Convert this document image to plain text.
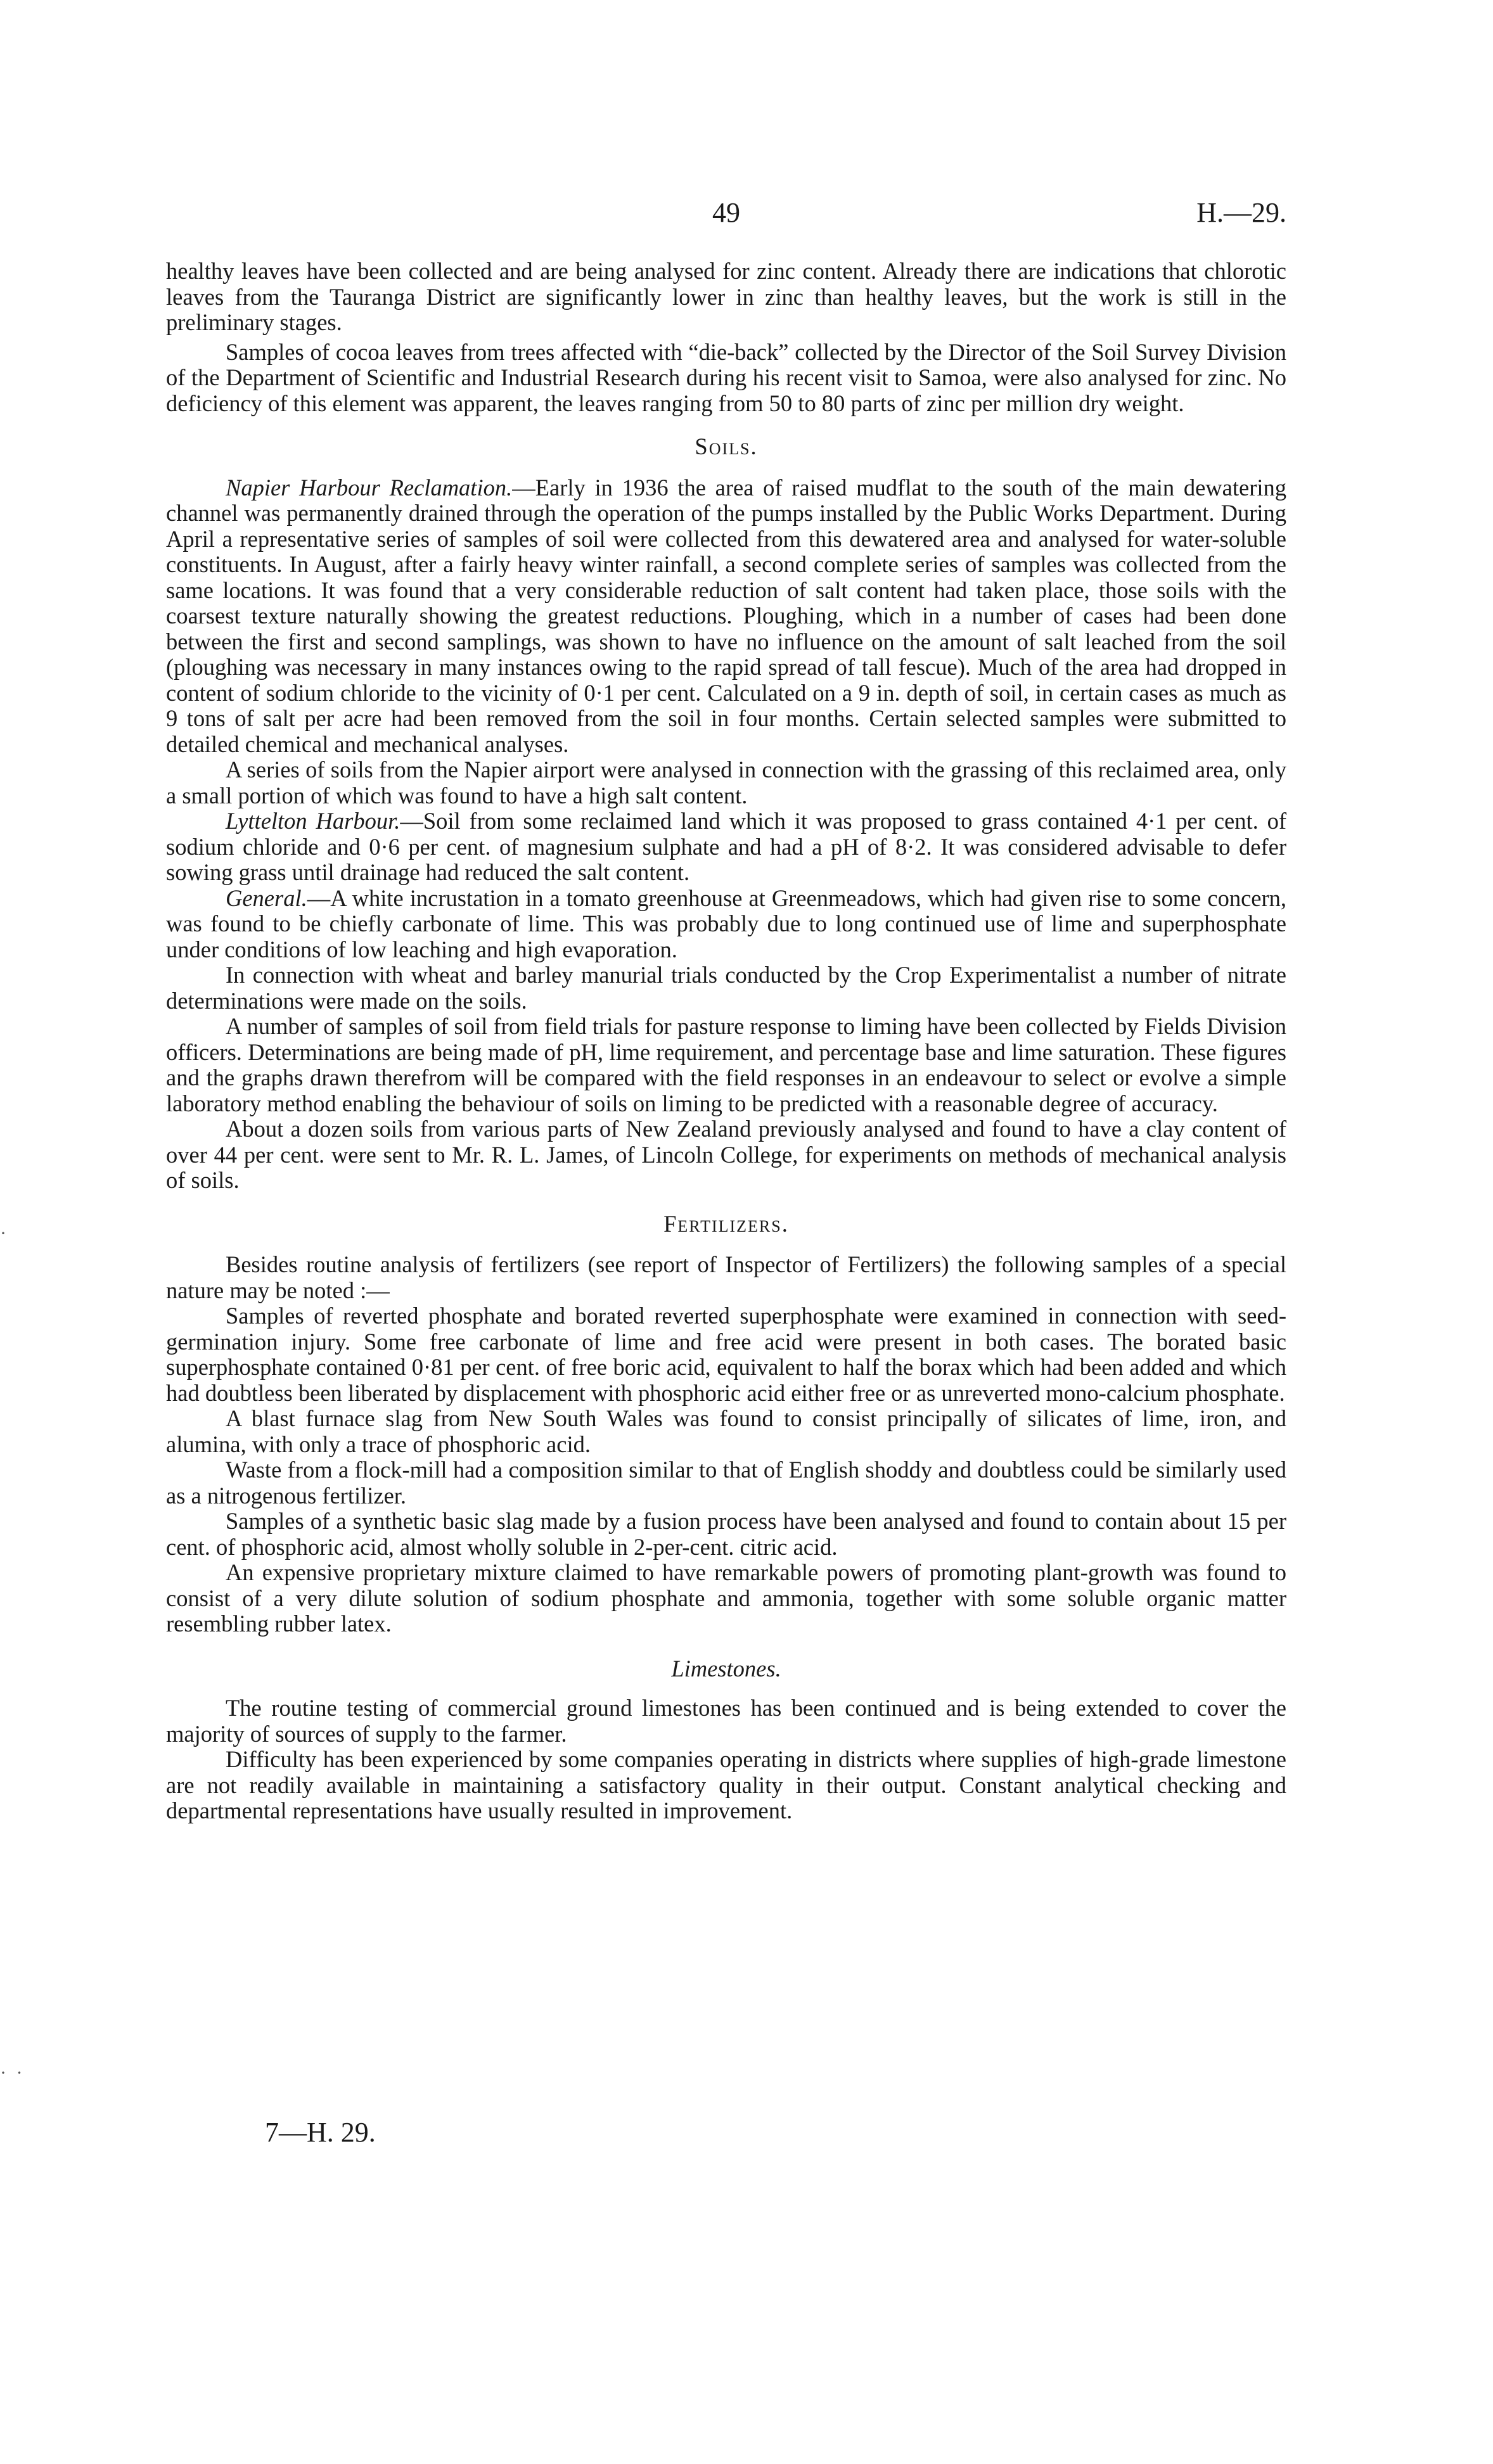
49	H.—29.
·
· ·

healthy leaves have been collected and are being analysed for zinc content. Already there are indications that chlorotic leaves from the Tauranga District are significantly lower in zinc than healthy leaves, but the work is still in the preliminary stages.

Samples of cocoa leaves from trees affected with “die-back” collected by the Director of the Soil Survey Division of the Department of Scientific and Industrial Research during his recent visit to Samoa, were also analysed for zinc. No deficiency of this element was apparent, the leaves ranging from 50 to 80 parts of zinc per million dry weight.

Soils.

Napier Harbour Reclamation.—Early in 1936 the area of raised mudflat to the south of the main dewatering channel was permanently drained through the operation of the pumps installed by the Public Works Department. During April a representative series of samples of soil were collected from this dewatered area and analysed for water-soluble constituents. In August, after a fairly heavy winter rainfall, a second complete series of samples was collected from the same locations. It was found that a very considerable reduction of salt content had taken place, those soils with the coarsest texture naturally showing the greatest reductions. Ploughing, which in a number of cases had been done between the first and second samplings, was shown to have no influence on the amount of salt leached from the soil (ploughing was necessary in many instances owing to the rapid spread of tall fescue). Much of the area had dropped in content of sodium chloride to the vicinity of 0·1 per cent. Calculated on a 9 in. depth of soil, in certain cases as much as 9 tons of salt per acre had been removed from the soil in four months. Certain selected samples were submitted to detailed chemical and mechanical analyses.

A series of soils from the Napier airport were analysed in connection with the grassing of this reclaimed area, only a small portion of which was found to have a high salt content.

Lyttelton Harbour.—Soil from some reclaimed land which it was proposed to grass contained 4·1 per cent. of sodium chloride and 0·6 per cent. of magnesium sulphate and had a pH of 8·2. It was considered advisable to defer sowing grass until drainage had reduced the salt content.

General.—A white incrustation in a tomato greenhouse at Greenmeadows, which had given rise to some concern, was found to be chiefly carbonate of lime. This was probably due to long continued use of lime and superphosphate under conditions of low leaching and high evaporation.

In connection with wheat and barley manurial trials conducted by the Crop Experimentalist a number of nitrate determinations were made on the soils.

A number of samples of soil from field trials for pasture response to liming have been collected by Fields Division officers. Determinations are being made of pH, lime requirement, and percentage base and lime saturation. These figures and the graphs drawn therefrom will be compared with the field responses in an endeavour to select or evolve a simple laboratory method enabling the behaviour of soils on liming to be predicted with a reasonable degree of accuracy.

About a dozen soils from various parts of New Zealand previously analysed and found to have a clay content of over 44 per cent. were sent to Mr. R. L. James, of Lincoln College, for experiments on methods of mechanical analysis of soils.

Fertilizers.

Besides routine analysis of fertilizers (see report of Inspector of Fertilizers) the following samples of a special nature may be noted :—

Samples of reverted phosphate and borated reverted superphosphate were examined in connection with seed-germination injury. Some free carbonate of lime and free acid were present in both cases. The borated basic superphosphate contained 0·81 per cent. of free boric acid, equivalent to half the borax which had been added and which had doubtless been liberated by displacement with phosphoric acid either free or as unreverted mono-calcium phosphate.

A blast furnace slag from New South Wales was found to consist principally of silicates of lime, iron, and alumina, with only a trace of phosphoric acid.

Waste from a flock-mill had a composition similar to that of English shoddy and doubtless could be similarly used as a nitrogenous fertilizer.

Samples of a synthetic basic slag made by a fusion process have been analysed and found to contain about 15 per cent. of phosphoric acid, almost wholly soluble in 2-per-cent. citric acid.

An expensive proprietary mixture claimed to have remarkable powers of promoting plant-growth was found to consist of a very dilute solution of sodium phosphate and ammonia, together with some soluble organic matter resembling rubber latex.

Limestones.

The routine testing of commercial ground limestones has been continued and is being extended to cover the majority of sources of supply to the farmer.

Difficulty has been experienced by some companies operating in districts where supplies of high-grade limestone are not readily available in maintaining a satisfactory quality in their output. Constant analytical checking and departmental representations have usually resulted in improvement.

7—H. 29.
